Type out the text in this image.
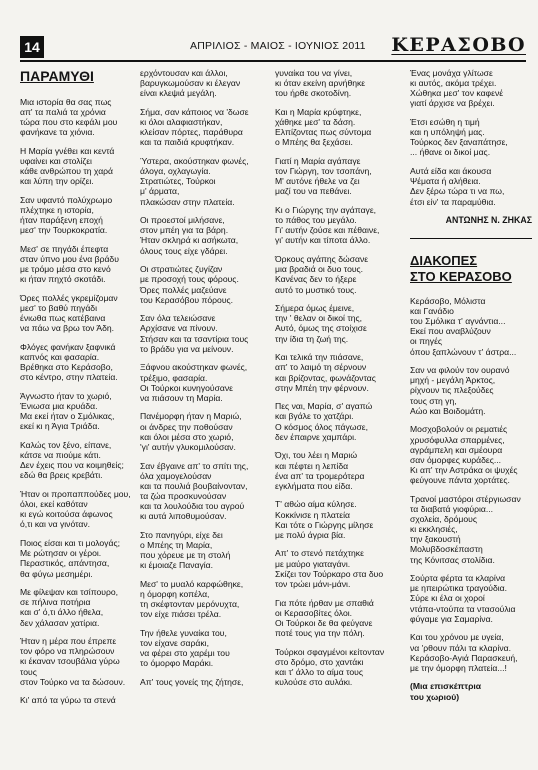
14	ΑΠΡΙΛΙΟΣ - ΜΑΙΟΣ - ΙΟΥΝΙΟΣ 2011 ΚΕΡΑΣΟΒΟ
ΠΑΡΑΜΥΘΙ

Μια ιστορία θα σας πως
απ' τα παλιά τα χρόνια
τώρα που στο κεφάλι μου
φανήκανε τα χιόνια.

Η Μαρία γνέθει και κεντά
υφαίνει και στολίζει
κάθε ανθρώπου τη χαρά
και λύπη την ορίζει.

Σαν υφαντό πολύχρωμο
πλέχτηκε η ιστορία,
ήταν παράξενη εποχή
μεσ' την Τουρκοκρατία.

Μεσ' σε πηγάδι έπεφτα
σταν ύπνο μου ένα βράδυ
με τρόμο μέσα στο κενό
κι ήταν πηχτό σκοτάδι.

Όρες πολλές γκρεμίζομαν
μεσ' το βαθύ πηγάδι
ένιωθα πως κατέβαινα
να πάω να βρω τον Άδη.

Φλόγες φανήκαν ξαφνικά
καπνός και φασαρία.
Βρέθηκα στο Κεράσοβο,
στο κέντρο, στην πλατεία.

Άγνωστο ήταν το χωριό,
Ένιωσα μια κρυάδα.
Μα εκεί ήταν ο Σμόλικας,
εκεί κι η Άγια Τριάδα.

Καλώς τον ξένο, είπανε,
κάτσε να πιούμε κάτι.
Δεν έχεις που να κοιμηθείς;
εδώ θα βρεις κρεβάτι.

Ήταν οι προπαππούδες μου,
όλοι, εκεί καθόταν
κι εγώ κοιτούσα άφωνος
ό,τι και να γινόταν.

Ποιος είσαι και τι μολογάς;
Με ρώτησαν οι γέροι.
Περαστικός, απάντησα,
θα φύγω μεσημέρι.

Με φίλεψαν και τσίπουρο,
σε πήλινα ποτήρια
και σ' ό,τι άλλο ήθελα,
δεν χάλασαν χατίρια.

Ήταν η μέρα που έπρεπε
τον φόρο να πληρώσουν
κι έκαναν τσουβάλια γύρω τους
στον Τούρκο να τα δώσουν.

Κι' από τα γύρω τα στενά

ερχόντουσαν και άλλοι,
βαρυγκωμούσαν κι έλεγαν
είναι κλεψιά μεγάλη.

Σήμα, σαν κάποιος να 'δωσε
κι όλοι αλαφιαστήκαν,
κλείσαν πόρτες, παράθυρα
και τα παιδιά κρυφτήκαν.

Ύστερα, ακούστηκαν φωνές,
άλογα, οχλαγωγία.
Στρατιώτες, Τούρκοι
μ' άρματα,
πλακώσαν στην πλατεία.

Οι προεστοί μιλήσανε,
στον μπέη για τα βάρη.
Ήταν σκληρά κι ασήκωτα,
όλους τους είχε γδάρει.

Οι στρατιώτες ζυγίζαν
με προσοχή τους φόρους.
Όρες πολλές μαζεύανε
του Κερασόβου πόρους.

Σαν όλα τελειώσανε
Αρχίσανε να πίνουν.
Στήσαν και τα τσαντίρια τους
το βράδυ για να μείνουν.

Ξάφνου ακούστηκαν φωνές,
τρέξιμο, φασαρία.
Οι Τούρκοι κυνηγούσανε
να πιάσουν τη Μαρία.

Πανέμορφη ήταν η Μαριώ,
οι άνδρες την ποθούσαν
και όλοι μέσα στο χωριό,
'γι' αυτήν γλυκομιλούσαν.

Σαν έβγαινε απ' το σπίτι της,
όλα χαμογελούσαν
και τα πουλιά βουβαίνονταν,
τα ζώα προσκυνούσαν
και τα λουλούδια του αγρού
κι αυτά λιποθυμούσαν.

Στο πανηγύρι, είχε δει
ο Μπέης τη Μαρία,
που χόρευε με τη στολή
κι έμοιαζε Παναγία.

Μεσ' το μυαλό καρφώθηκε,
η όμορφη κοπέλα,
τη σκέφτονταν μερόνυχτα,
τον είχε πιάσει τρέλα.

Την ήθελε γυναίκα του,
τον είχανε σαράκι,
να φέρει στο χαρέμι του
το όμορφο Μαράκι.

Απ' τους γονείς της ζήτησε,

γυναίκα του να γίνει,
κι όταν εκείνη αρνήθηκε
του ήρθε σκοτοδίνη.

Και η Μαρία κρύφτηκε,
χάθηκε μεσ' τα δάση.
Ελπίζοντας πως σύντομα
ο Μπέης θα ξεχάσει.

Γιατί η Μαρία αγάπαγε
τον Γιώργη, τον τσοπάνη,
Μ' αυτόνε ήθελε να ζει
μαζί του να πεθάνει.

Κι ο Γιώργης την αγάπαγε,
το πάθος του μεγάλο.
Γι' αυτήν ζούσε και πέθαινε,
γι' αυτήν και τίποτα άλλο.

Όρκους αγάπης δώσανε
μια βραδιά οι δυο τους.
Κανένας δεν το ήξερε
αυτό το μυστικό τους.

Σήμερα όμως έμεινε,
την ' θελαν οι δικοί της,
Αυτό, όμως της στοίχισε
την ίδια τη ζωή της.

Και τελικά την πιάσανε,
απ' το λαιμό τη σέρνουν
και βρίζοντας, φωνάζοντας
στην Μπέη την φέρνουν.

Πες ναι, Μαρία, σ' αγαπώ
και βγάλε το χατζάρι.
Ο κόσμος όλος πάγωσε,
δεν έπαιρνε χαμπάρι.

Όχι, του λέει η Μαριώ
και πέφτει η λεπίδα
ένα απ' τα τρομερότερα
εγκλήματα που είδα.

Τ' αθώο αίμα κύλησε.
Κοκκίνισε η πλατεία
Και τότε ο Γιώργης μίλησε
με πολύ άγρια βία.

Απ' το στενό πετάχτηκε
με μαύρο γιαταγάνι.
Σκίζει τον Τούρκαρο στα δυο
τον τρώει μάνι-μάνι.

Για πότε ήρθαν με σπαθιά
οι Κερασοβίτες όλοι.
Οι Τούρκοι δε θα φεύγανε
ποτέ τους για την πόλη.

Τούρκοι σφαγμένοι κείτονταν
στο δρόμο, στο χαντάκι
και τ' άλλο το αίμα τους
κυλούσε στο αυλάκι.

Ένας μονάχα γλίτωσε
κι αυτός, ακόμα τρέχει.
Χώθηκα μεσ' τον καφενέ
γιατί άρχισε να βρέχει.

Έτσι εσώθη η τιμή
και η υπόληψή μας.
Τούρκος δεν ξαναπάτησε,
... ήθανε οι δικοί μας.

Αυτά είδα και άκουσα
Ψέματα ή αλήθεια.
Δεν ξέρω τώρα τι να πω,
έτσι είν' τα παραμύθια.

ΑΝΤΩΝΗΣ Ν. ΖΗΚΑΣ
ΔΙΑΚΟΠΕΣ
ΣΤΟ ΚΕΡΑΣΟΒΟ

Κεράσοβο, Μόλιστα
και Γανάδιο
του Σμόλικα τ' αγνάντια...
Εκεί που αναβλύζουν
οι πηγές
όπου ξαπλώνουν τ' άστρα...

Σαν να φιλούν τον ουρανό
μηχή - μεγάλη Άρκτος,
ρίχνουν τις πλεξούδες
τους στη γη,
Αώο και Βοιδομάτη.

Μοσχοβολούν οι ρεματιές
χρυσόφυλλα σπαρμένες,
αγράμπελη και σμέουρα
σαν όμορφες κυράδες...
Κι απ' την Αστράκα οι ψυχές
φεύγουνε πάντα χορτάτες.

Τρανοί μαστόροι στέργιωσαν
τα διαβατά γιοφύρια...
σχολεία, δρόμους
κι εκκλησιές,
την ξακουστή
Μολυβδοσκέπαστη
της Κόνιτσας στολίδια.

Σούρτα φέρτα τα κλαρίνα
με ηπειρώτικα τραγούδια.
Σύρε κι έλα οι χοροί
ντάπα-ντούπα τα ντασούλια
φύγαμε για Σαμαρίνα.

Και του χρόνου με υγεία,
να 'ρθουν πάλι τα κλαρίνα.
Κεράσοβο-Αγιά Παρασκευή,
με την όμορφη πλατεία...!

(Μια επισκέπτρια
του χωριού)
